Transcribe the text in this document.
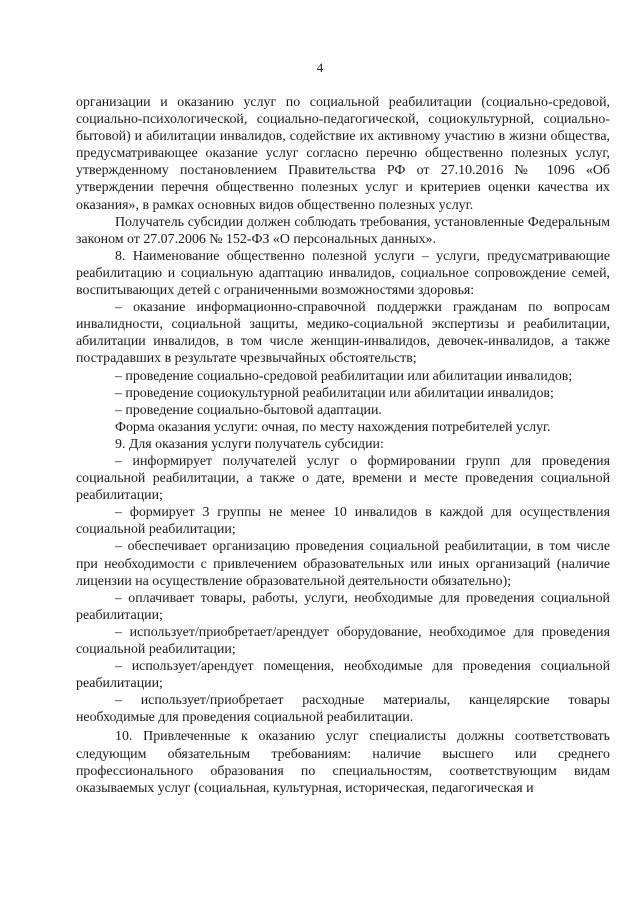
4

организации и оказанию услуг по социальной реабилитации (социально-средовой, социально-психологической, социально-педагогической, социокультурной, социально-бытовой) и абилитации инвалидов, содействие их активному участию в жизни общества, предусматривающее оказание услуг согласно перечню общественно полезных услуг, утвержденному постановлением Правительства РФ от 27.10.2016 № 1096 «Об утверждении перечня общественно полезных услуг и критериев оценки качества их оказания», в рамках основных видов общественно полезных услуг.

Получатель субсидии должен соблюдать требования, установленные Федеральным законом от 27.07.2006 № 152-ФЗ «О персональных данных».

8. Наименование общественно полезной услуги – услуги, предусматривающие реабилитацию и социальную адаптацию инвалидов, социальное сопровождение семей, воспитывающих детей с ограниченными возможностями здоровья:

– оказание информационно-справочной поддержки гражданам по вопросам инвалидности, социальной защиты, медико-социальной экспертизы и реабилитации, абилитации инвалидов, в том числе женщин-инвалидов, девочек-инвалидов, а также пострадавших в результате чрезвычайных обстоятельств;

– проведение социально-средовой реабилитации или абилитации инвалидов;

– проведение социокультурной реабилитации или абилитации инвалидов;

– проведение социально-бытовой адаптации.

Форма оказания услуги: очная, по месту нахождения потребителей услуг.

9. Для оказания услуги получатель субсидии:

– информирует получателей услуг о формировании групп для проведения социальной реабилитации, а также о дате, времени и месте проведения социальной реабилитации;

– формирует 3 группы не менее 10 инвалидов в каждой для осуществления социальной реабилитации;

– обеспечивает организацию проведения социальной реабилитации, в том числе при необходимости с привлечением образовательных или иных организаций (наличие лицензии на осуществление образовательной деятельности обязательно);

– оплачивает товары, работы, услуги, необходимые для проведения социальной реабилитации;

– использует/приобретает/арендует оборудование, необходимое для проведения социальной реабилитации;

– использует/арендует помещения, необходимые для проведения социальной реабилитации;

– использует/приобретает расходные материалы, канцелярские товары необходимые для проведения социальной реабилитации.

10. Привлеченные к оказанию услуг специалисты должны соответствовать следующим обязательным требованиям: наличие высшего или среднего профессионального образования по специальностям, соответствующим видам оказываемых услуг (социальная, культурная, историческая, педагогическая и
